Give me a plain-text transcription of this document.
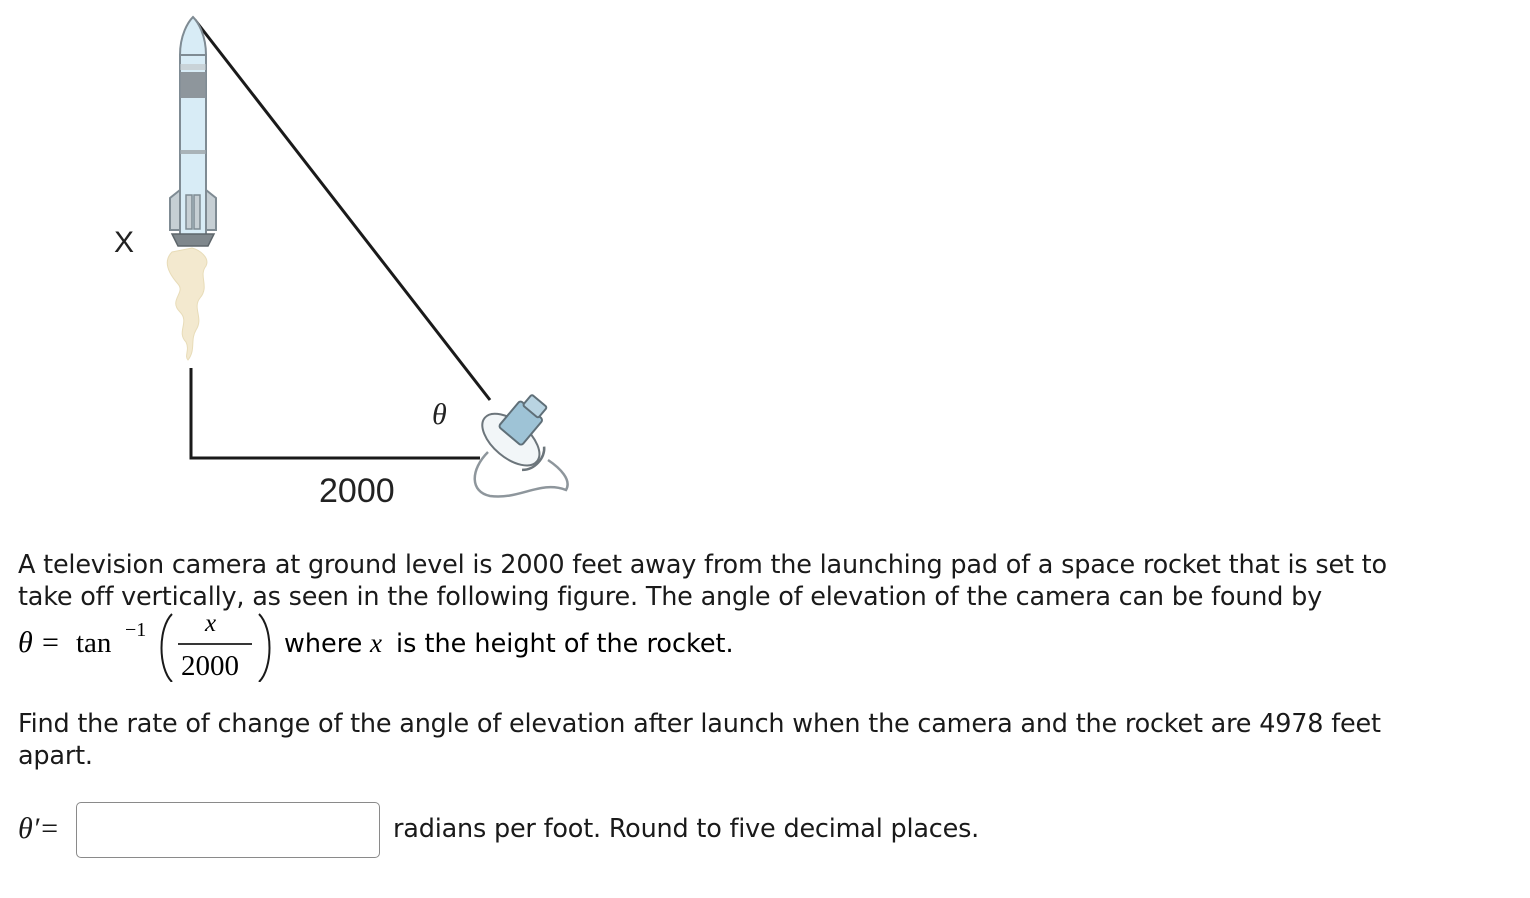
X
θ
2000

A television camera at ground level is 2000 feet away from the launching pad of a space rocket that is set to take off vertically, as seen in the following figure. The angle of elevation of the camera can be found by

θ = tan −1 x
2000
where x is the height of the rocket.

Find the rate of change of the angle of elevation after launch when the camera and the rocket are 4978 feet apart.

θ′=	radians per foot. Round to five decimal places.
